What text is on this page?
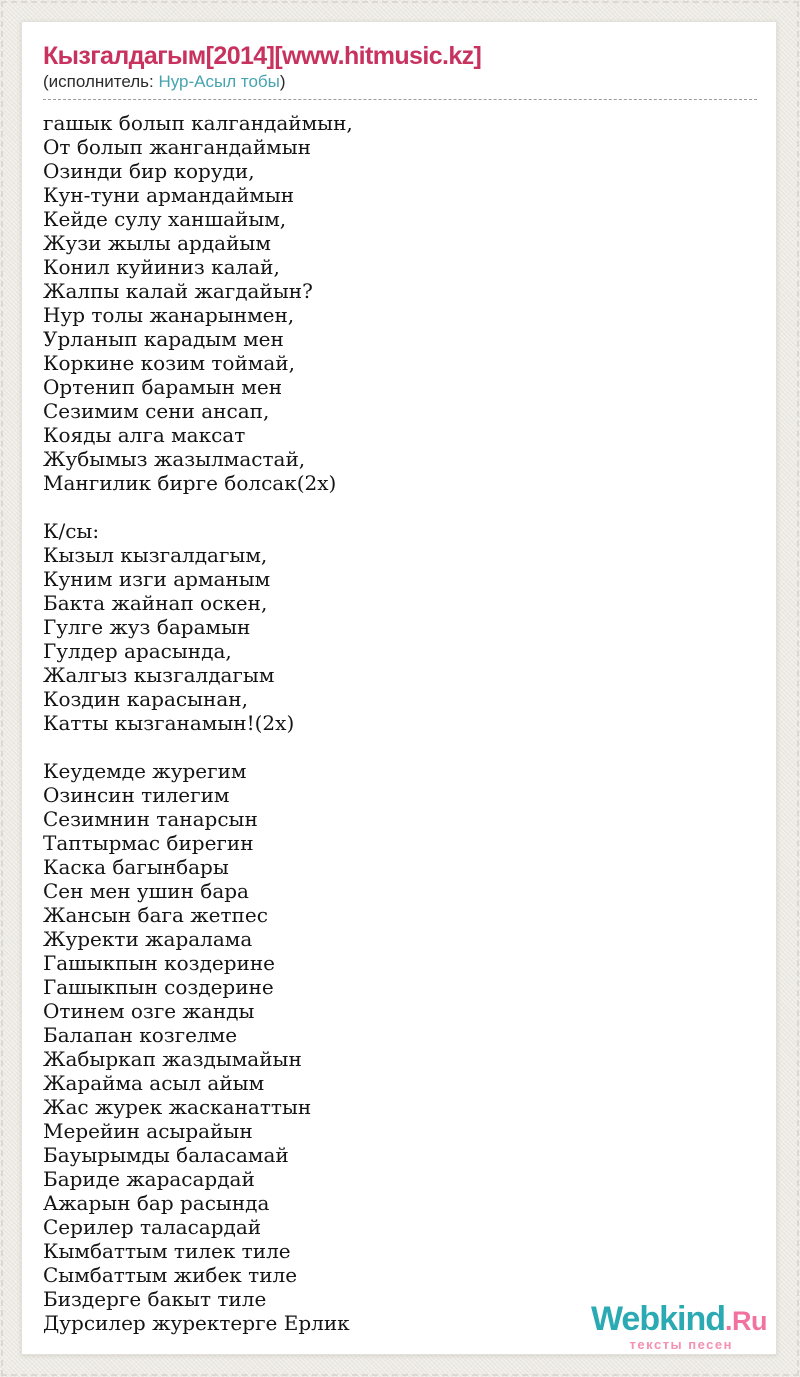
Кызгалдагым[2014][www.hitmusic.kz]
(исполнитель: Нур-Асыл тобы)

гашык болып калгандаймын,

От болып жангандаймын

Озинди бир коруди,

Кун-туни армандаймын

Кейде сулу ханшайым,

Жузи жылы ардайым

Конил куйиниз калай,

Жалпы калай жагдайын?

Нур толы жанарынмен,

Урланып карадым мен

Коркине козим тоймай,

Ортенип барамын мен

Сезимим сени ансап,

Кояды алга максат

Жубымыз жазылмастай,

Мангилик бирге болсак(2х)

К/сы:

Кызыл кызгалдагым,

Куним изги арманым

Бакта жайнап оскен,

Гулге жуз барамын

Гулдер арасында,

Жалгыз кызгалдагым

Коздин карасынан,

Катты кызганамын!(2х)

Кеудемде журегим

Озинсин тилегим

Сезимнин танарсын

Таптырмас бирегин

Каска багынбары

Сен мен ушин бара

Жансын бага жетпес

Журекти жаралама

Гашыкпын коздерине

Гашыкпын создерине

Отинем озге жанды

Балапан козгелме

Жабыркап жаздымайын

Жарайма асыл айым

Жас журек жасканаттын

Мерейин асырайын

Бауырымды баласамай

Бариде жарасардай

Ажарын бар расында

Серилер таласардай

Кымбаттым тилек тиле

Сымбаттым жибек тиле

Биздерге бакыт тиле

Дурсилер журектерге Ерлик	Webkind.Ru
тексты песен
